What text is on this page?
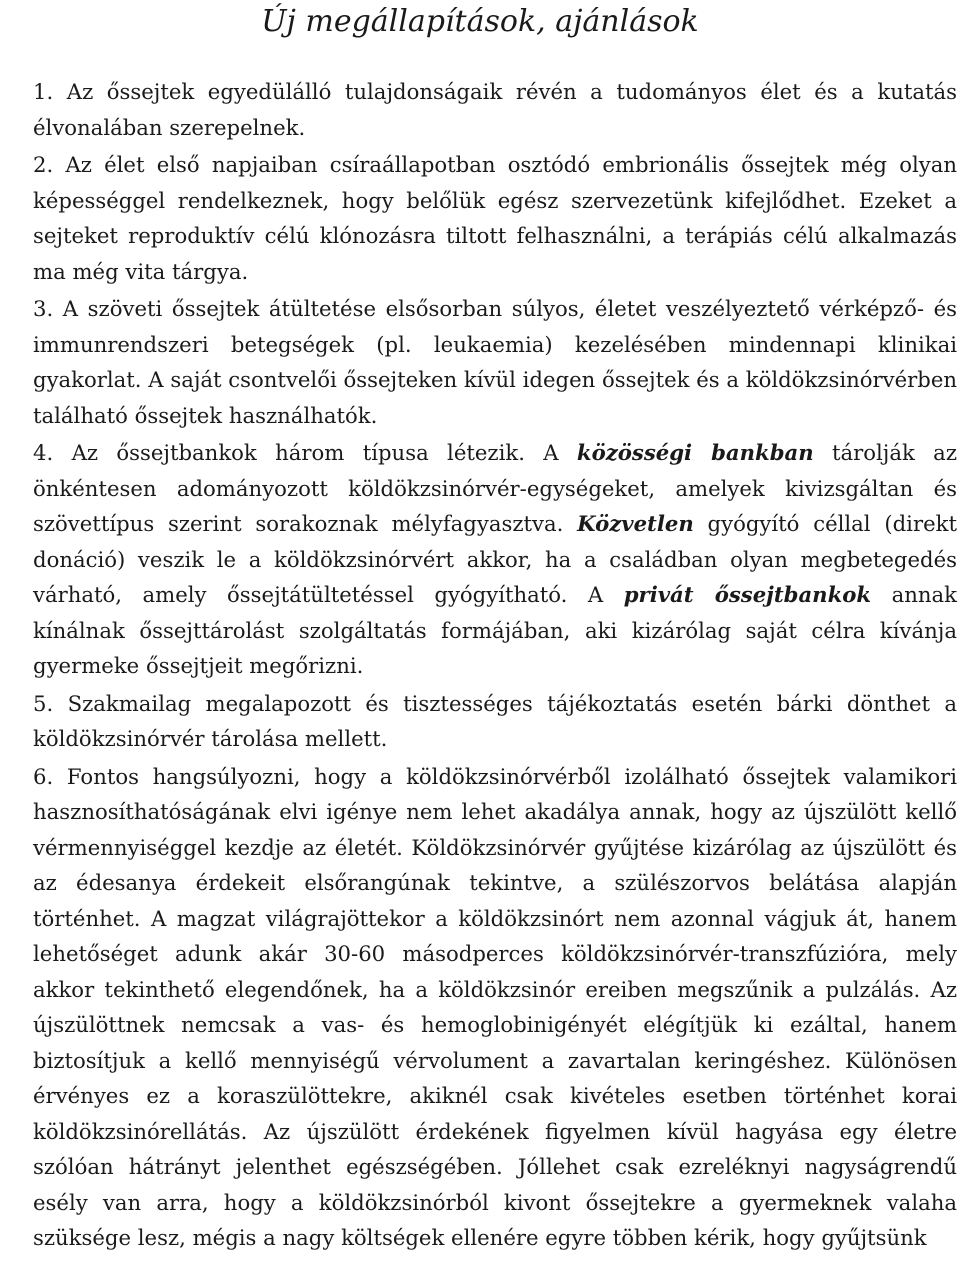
Új megállapítások, ajánlások
1. Az őssejtek egyedülálló tulajdonságaik révén a tudományos élet és a kutatás élvonalában szerepelnek.
2. Az élet első napjaiban csíraállapotban osztódó embrionális őssejtek még olyan képességgel rendelkeznek, hogy belőlük egész szervezetünk kifejlődhet. Ezeket a sejteket reproduktív célú klónozásra tiltott felhasználni, a terápiás célú alkalmazás ma még vita tárgya.
3. A szöveti őssejtek átültetése elsősorban súlyos, életet veszélyeztető vérképző- és immunrendszeri betegségek (pl. leukaemia) kezelésében mindennapi klinikai gyakorlat. A saját csontvelői őssejteken kívül idegen őssejtek és a köldökzsinórvérben található őssejtek használhatók.
4. Az őssejtbankok három típusa létezik. A közösségi bankban tárolják az önkéntesen adományozott köldökzsinórvér-egységeket, amelyek kivizsgáltan és szövettípus szerint sorakoznak mélyfagyasztva. Közvetlen gyógyító céllal (direkt donáció) veszik le a köldökzsinórvért akkor, ha a családban olyan megbetegedés várható, amely őssejtátültetéssel gyógyítható. A privát őssejtbankok annak kínálnak őssejttárolást szolgáltatás formájában, aki kizárólag saját célra kívánja gyermeke őssejtjeit megőrizni.
5. Szakmailag megalapozott és tisztességes tájékoztatás esetén bárki dönthet a köldökzsinórvér tárolása mellett.
6. Fontos hangsúlyozni, hogy a köldökzsinórvérből izolálható őssejtek valamikori hasznosíthatóságának elvi igénye nem lehet akadálya annak, hogy az újszülött kellő vérmennyiséggel kezdje az életét. Köldökzsinórvér gyűjtése kizárólag az újszülött és az édesanya érdekeit elsőrangúnak tekintve, a szülészorvos belátása alapján történhet. A magzat világrajöttekor a köldökzsinórt nem azonnal vágjuk át, hanem lehetőséget adunk akár 30-60 másodperces köldökzsinórvér-transzfúzióra, mely akkor tekinthető elegendőnek, ha a köldökzsinór ereiben megszűnik a pulzálás. Az újszülöttnek nemcsak a vas- és hemoglobinigényét elégítjük ki ezáltal, hanem biztosítjuk a kellő mennyiségű vérvolument a zavartalan keringéshez. Különösen érvényes ez a koraszülöttekre, akiknél csak kivételes esetben történhet korai köldökzsinórellátás. Az újszülött érdekének figyelmen kívül hagyása egy életre szólóan hátrányt jelenthet egészségében. Jóllehet csak ezreléknyi nagyságrendű esély van arra, hogy a köldökzsinórból kivont őssejtekre a gyermeknek valaha szüksége lesz, mégis a nagy költségek ellenére egyre többen kérik, hogy gyűjtsünk
